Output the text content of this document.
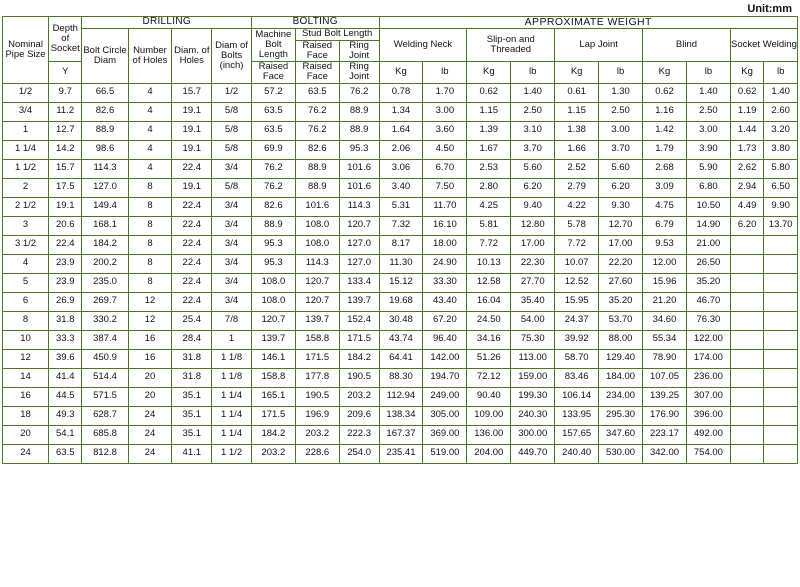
Unit:mm
Nominal Pipe Size	Depth of Socket	DRILLING				BOLTING			APPROXIMATE WEIGHT									
		Bolt Circle Diam	Number of Holes	Diam. of Holes	Diam of Bolts (inch)	Machine Bolt Length	Stud Bolt Length		Welding Neck		Slip-on and Threaded		Lap Joint		Blind		Socket Welding	
							Raised Face	Ring Joint										
	Y					Raised Face	Raised Face	Ring Joint	Kg	lb	Kg	lb	Kg	lb	Kg	lb	Kg	lb
1/2	9.7	66.5	4	15.7	1/2	57.2	63.5	76.2	0.78	1.70	0.62	1.40	0.61	1.30	0.62	1.40	0.62	1.40
3/4	11.2	82.6	4	19.1	5/8	63.5	76.2	88.9	1.34	3.00	1.15	2.50	1.15	2.50	1.16	2.50	1.19	2.60
1	12.7	88.9	4	19.1	5/8	63.5	76.2	88.9	1.64	3.60	1.39	3.10	1.38	3.00	1.42	3.00	1.44	3.20
1 1/4	14.2	98.6	4	19.1	5/8	69.9	82.6	95.3	2.06	4.50	1.67	3.70	1.66	3.70	1.79	3.90	1.73	3.80
1 1/2	15.7	114.3	4	22.4	3/4	76.2	88.9	101.6	3.06	6.70	2.53	5.60	2.52	5.60	2.68	5.90	2.62	5.80
2	17.5	127.0	8	19.1	5/8	76.2	88.9	101.6	3.40	7.50	2.80	6.20	2.79	6.20	3.09	6.80	2.94	6.50
2 1/2	19.1	149.4	8	22.4	3/4	82.6	101.6	114.3	5.31	11.70	4.25	9.40	4.22	9.30	4.75	10.50	4.49	9.90
3	20.6	168.1	8	22.4	3/4	88.9	108.0	120.7	7.32	16.10	5.81	12.80	5.78	12.70	6.79	14.90	6.20	13.70
3 1/2	22.4	184.2	8	22.4	3/4	95.3	108.0	127.0	8.17	18.00	7.72	17.00	7.72	17.00	9.53	21.00		
4	23.9	200.2	8	22.4	3/4	95.3	114.3	127.0	11.30	24.90	10.13	22.30	10.07	22.20	12.00	26.50		
5	23.9	235.0	8	22.4	3/4	108.0	120.7	133.4	15.12	33.30	12.58	27.70	12.52	27.60	15.96	35.20		
6	26.9	269.7	12	22.4	3/4	108.0	120.7	139.7	19.68	43.40	16.04	35.40	15.95	35.20	21.20	46.70		
8	31.8	330.2	12	25.4	7/8	120.7	139.7	152.4	30.48	67.20	24.50	54.00	24.37	53.70	34.60	76.30		
10	33.3	387.4	16	28.4	1	139.7	158.8	171.5	43.74	96.40	34.16	75.30	39.92	88.00	55.34	122.00		
12	39.6	450.9	16	31.8	1 1/8	146.1	171.5	184.2	64.41	142.00	51.26	113.00	58.70	129.40	78.90	174.00		
14	41.4	514.4	20	31.8	1 1/8	158.8	177.8	190.5	88.30	194.70	72.12	159.00	83.46	184.00	107.05	236.00		
16	44.5	571.5	20	35.1	1 1/4	165.1	190.5	203.2	112.94	249.00	90.40	199.30	106.14	234.00	139.25	307.00		
18	49.3	628.7	24	35.1	1 1/4	171.5	196.9	209.6	138.34	305.00	109.00	240.30	133.95	295.30	176.90	396.00		
20	54.1	685.8	24	35.1	1 1/4	184.2	203.2	222.3	167.37	369.00	136.00	300.00	157.65	347.60	223.17	492.00		
24	63.5	812.8	24	41.1	1 1/2	203.2	228.6	254.0	235.41	519.00	204.00	449.70	240.40	530.00	342.00	754.00		
